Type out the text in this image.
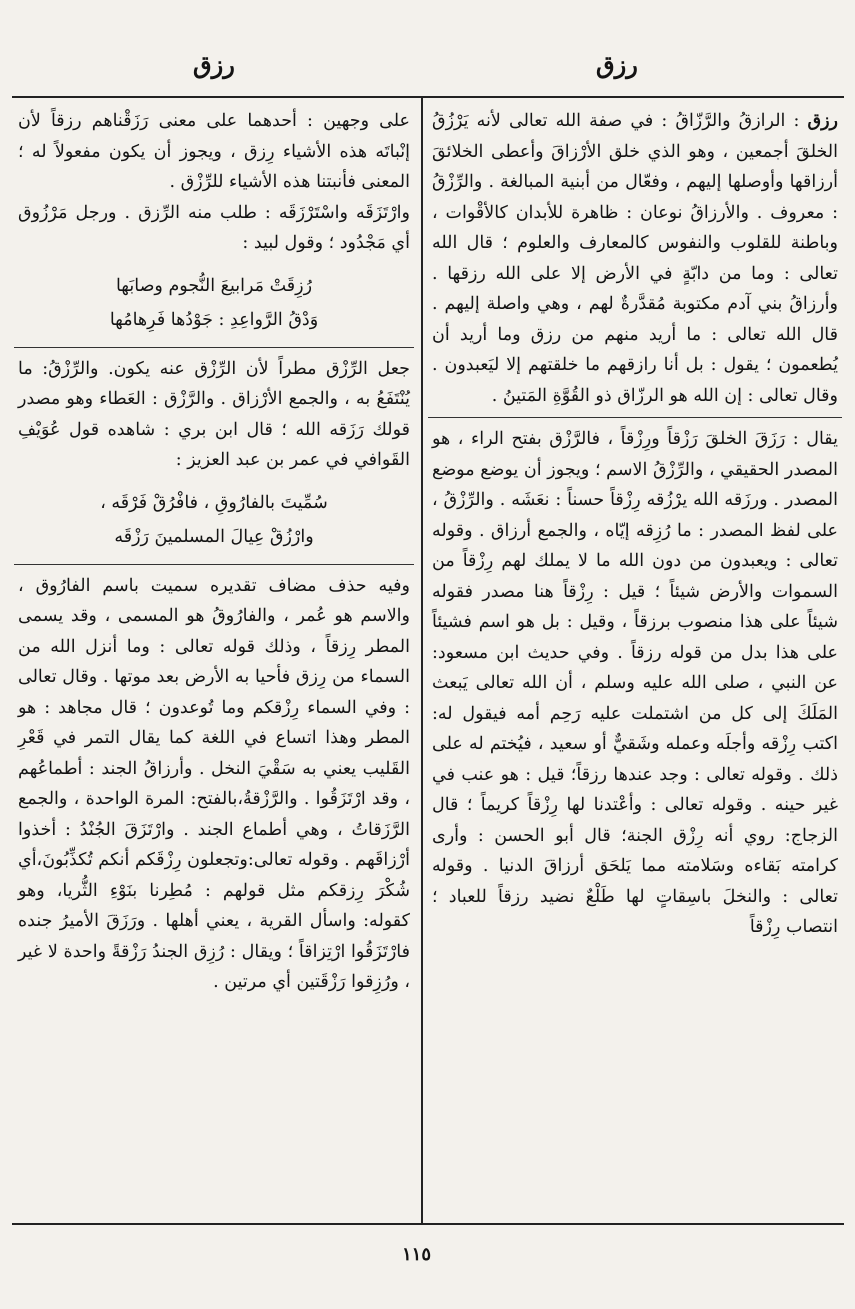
رزق
رزق

رزق : الرازقُ والرَّزّاقُ : في صفة الله تعالى لأنه يَرْزُقُ الخلقَ أجمعين ، وهو الذي خلق الأرْزاقَ وأعطى الخلائقَ أرزاقها وأوصلها إليهم ، وفعّال من أبنية المبالغة . والرِّزْقُ : معروف . والأرزاقُ نوعان : ظاهرة للأبدان كالأقْوات ، وباطنة للقلوب والنفوس كالمعارف والعلوم ؛ قال الله تعالى : وما من دابّةٍ في الأرض إلا على الله رزقها . وأرزاقُ بني آدم مكتوبة مُقدَّرةٌ لهم ، وهي واصلة إليهم . قال الله تعالى : ما أريد منهم من رزق وما أريد أن يُطعمون ؛ يقول : بل أنا رازقهم ما خلقتهم إلا ليَعبدون . وقال تعالى : إن الله هو الرزّاق ذو القُوَّةِ المَتينُ .

يقال : رَزَقَ الخلقَ رَزْقاً ورِزْقاً ، فالرَّزْق بفتح الراء ، هو المصدر الحقيقي ، والرِّزْقُ الاسم ؛ ويجوز أن يوضع موضع المصدر . ورزَقه الله يرْزُقه رِزْقاً حسناً : نعَشَه . والرِّزْقُ ، على لفظ المصدر : ما رُزِقه إيّاه ، والجمع أرزاق . وقوله تعالى : ويعبدون من دون الله ما لا يملك لهم رِزْقاً من السموات والأرض شيئاً ؛ قيل : رِزْقاً هنا مصدر فقوله شيئاً على هذا منصوب برزقاً ، وقيل : بل هو اسم فشيئاً على هذا بدل من قوله رزقاً . وفي حديث ابن مسعود: عن النبي ، صلى الله عليه وسلم ، أن الله تعالى يَبعث المَلَكَ إلى كل من اشتملت عليه رَحِم أمه فيقول له: اكتب رِزْقه وأجلَه وعمله وشَقيٌّ أو سعيد ، فيُختم له على ذلك . وقوله تعالى : وجد عندها رزقاً؛ قيل : هو عنب في غير حينه . وقوله تعالى : وأعْتدنا لها رِزْقاً كريماً ؛ قال الزجاج: روي أنه رِزْق الجنة؛ قال أبو الحسن : وأرى كرامته بَقاءه وسَلامته مما يَلحَق أرزاقَ الدنيا . وقوله تعالى : والنخلَ باسِقاتٍ لها طَلْعٌ نضيد رزقاً للعباد ؛ انتصاب رِزْقاً

على وجهين : أحدهما على معنى رَزَقْناهم رزقاً لأن إنْباتَه هذه الأشياء رِزق ، ويجوز أن يكون مفعولاً له ؛ المعنى فأنبتنا هذه الأشياء للرِّزْق .

وارْتَزَقَه واسْتَرْزَقَه : طلب منه الرِّزق . ورجل مَرْزُوق أي مَجْدُود ؛ وقول لبيد :

رُزِقَتْ مَرابيعَ النُّجوم وصابَها
وَدْقُ الرَّواعِدِ : جَوْدُها فَرِهامُها

جعل الرِّزْق مطراً لأن الرِّزْق عنه يكون. والرِّزْقُ: ما يُنْتَفَعُ به ، والجمع الأرْزاق . والرَّزْق : العَطاء وهو مصدر قولك رَزَقه الله ؛ قال ابن بري : شاهده قول عُوَيْفِ القَوافي في عمر بن عبد العزيز :

سُمِّيتَ بالفارُوقِ ، فافْرُقْ فَرْقَه ،
وارْزُقْ عِيالَ المسلمينَ رَزْقَه

وفيه حذف مضاف تقديره سميت باسم الفارُوق ، والاسم هو عُمر ، والفارُوقُ هو المسمى ، وقد يسمى المطر رِزقاً ، وذلك قوله تعالى : وما أنزل الله من السماء من رِزق فأحيا به الأرض بعد موتها . وقال تعالى : وفي السماء رِزْقكم وما تُوعدون ؛ قال مجاهد : هو المطر وهذا اتساع في اللغة كما يقال التمر في قَعْرِ القَليب يعني به سَقْيَ النخل . وأرزاقُ الجند : أطماعُهم ، وقد ارْتَزَقُوا . والرَّزْقةُ،بالفتح: المرة الواحدة ، والجمع الرَّزَقاتُ ، وهي أطماع الجند . وارْتَزَقَ الجُنْدُ : أخذوا أرْزاقَهم . وقوله تعالى:وتجعلون رِزْقَكم أنكم تُكذِّبُونَ،أي شُكْرَ رِزقكم مثل قولهم : مُطِرنا بنَوْءِ الثُّريا، وهو كقوله: واسأل القرية ، يعني أهلها . ورَزَقَ الأميرُ جنده فارْتَزَقُوا ارْتِزاقاً ؛ ويقال : رُزِق الجندُ رَزْقةً واحدة لا غير ، ورُزِقوا رَزْقَتين أي مرتين .

١١٥
